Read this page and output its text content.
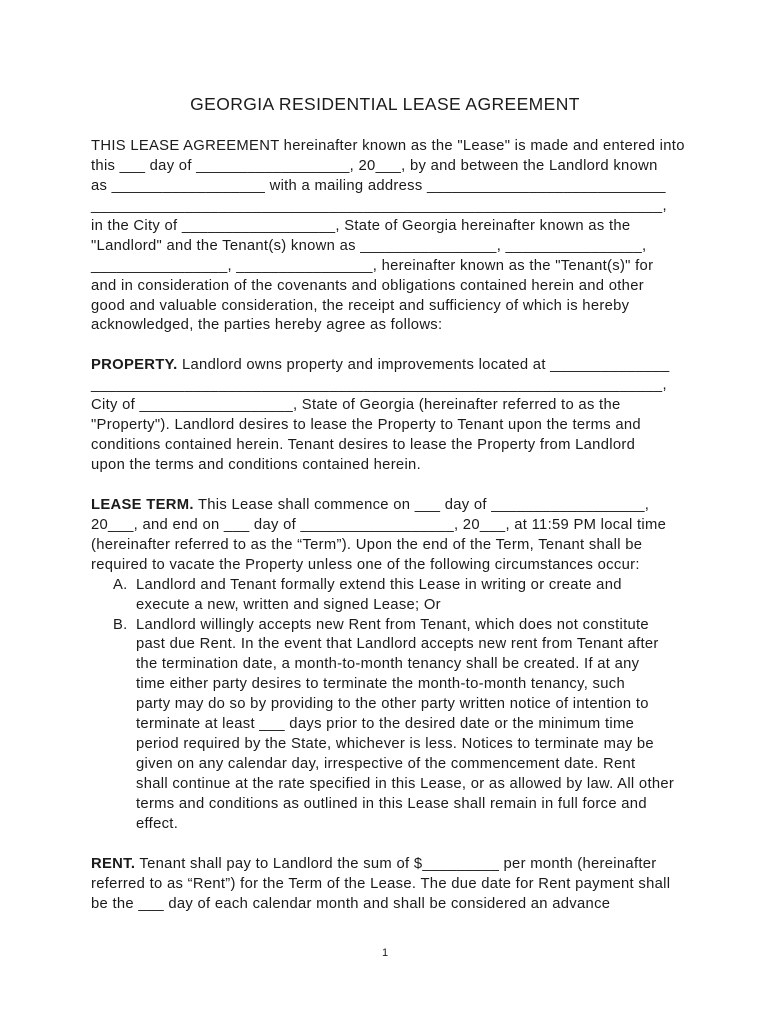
GEORGIA RESIDENTIAL LEASE AGREEMENT
THIS LEASE AGREEMENT hereinafter known as the "Lease" is made and entered into
this ___ day of __________________, 20___, by and between the Landlord known
as __________________ with a mailing address ____________________________
___________________________________________________________________,
in the City of __________________, State of Georgia hereinafter known as the
"Landlord" and the Tenant(s) known as ________________, ________________,
________________, ________________, hereinafter known as the "Tenant(s)" for
and in consideration of the covenants and obligations contained herein and other
good and valuable consideration, the receipt and sufficiency of which is hereby
acknowledged, the parties hereby agree as follows:
PROPERTY. Landlord owns property and improvements located at ______________
___________________________________________________________________,
City of __________________, State of Georgia (hereinafter referred to as the
"Property"). Landlord desires to lease the Property to Tenant upon the terms and
conditions contained herein. Tenant desires to lease the Property from Landlord
upon the terms and conditions contained herein.
LEASE TERM. This Lease shall commence on ___ day of __________________,
20___, and end on ___ day of __________________, 20___, at 11:59 PM local time
(hereinafter referred to as the “Term”). Upon the end of the Term, Tenant shall be
required to vacate the Property unless one of the following circumstances occur:
A. Landlord and Tenant formally extend this Lease in writing or create and
execute a new, written and signed Lease; Or
B. Landlord willingly accepts new Rent from Tenant, which does not constitute
past due Rent. In the event that Landlord accepts new rent from Tenant after
the termination date, a month-to-month tenancy shall be created. If at any
time either party desires to terminate the month-to-month tenancy, such
party may do so by providing to the other party written notice of intention to
terminate at least ___ days prior to the desired date or the minimum time
period required by the State, whichever is less. Notices to terminate may be
given on any calendar day, irrespective of the commencement date. Rent
shall continue at the rate specified in this Lease, or as allowed by law. All other
terms and conditions as outlined in this Lease shall remain in full force and
effect.
RENT. Tenant shall pay to Landlord the sum of $_________ per month (hereinafter
referred to as “Rent”) for the Term of the Lease. The due date for Rent payment shall
be the ___ day of each calendar month and shall be considered an advance
1
